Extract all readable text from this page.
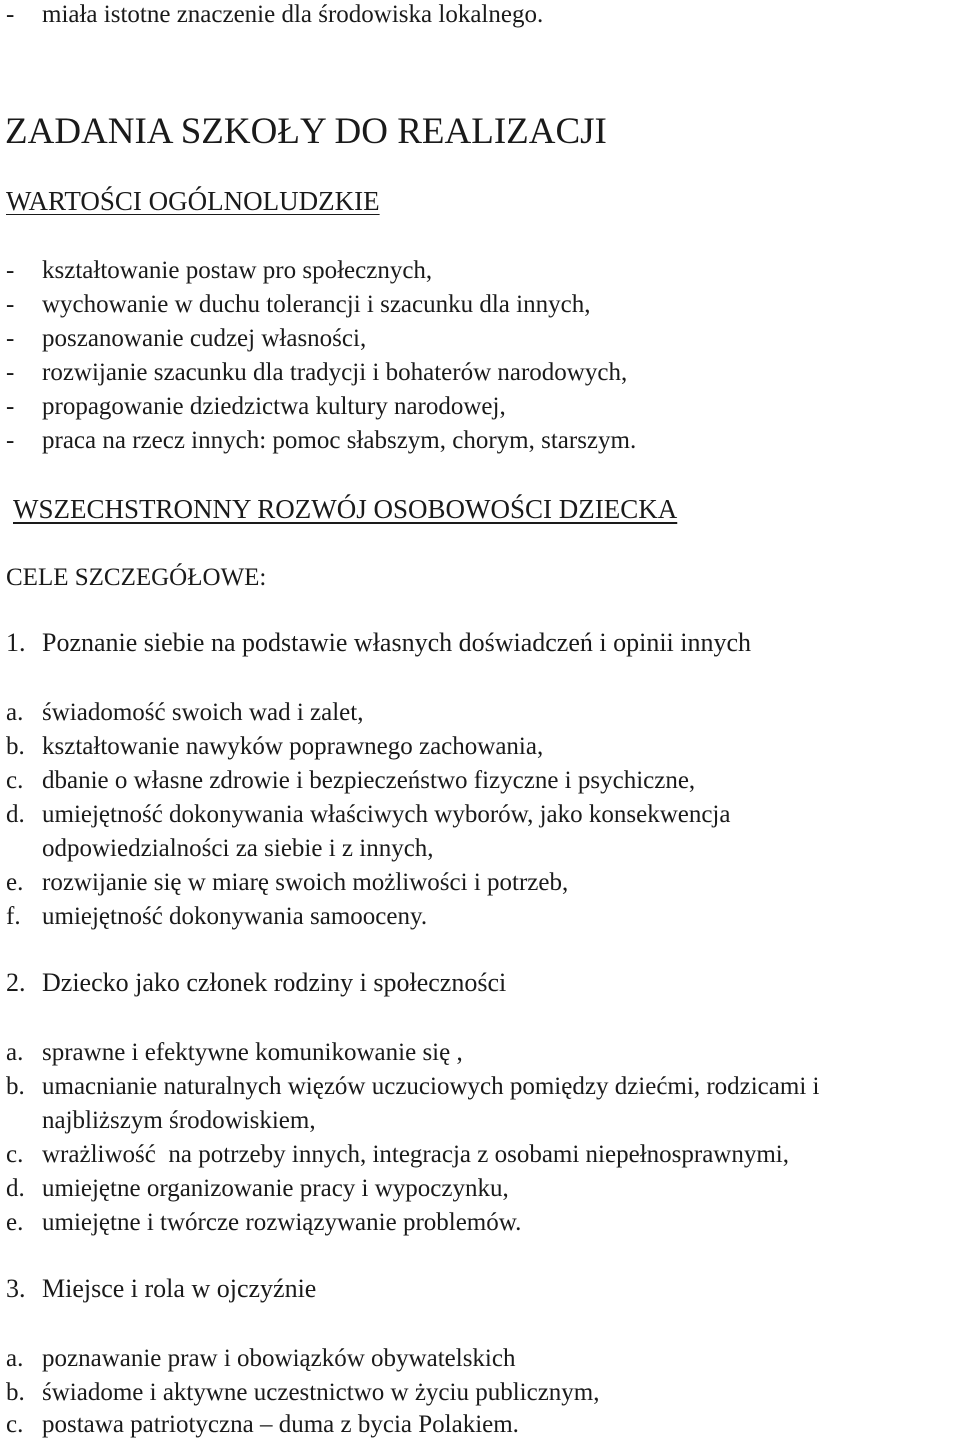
- miała istotne znaczenie dla środowiska lokalnego.
ZADANIA SZKOŁY DO REALIZACJI
WARTOŚCI OGÓLNOLUDZKIE
- kształtowanie postaw pro społecznych,
- wychowanie w duchu tolerancji i szacunku dla innych,
- poszanowanie cudzej własności,
- rozwijanie szacunku dla tradycji i bohaterów narodowych,
- propagowanie dziedzictwa kultury narodowej,
- praca na rzecz innych: pomoc słabszym, chorym, starszym.
WSZECHSTRONNY ROZWÓJ OSOBOWOŚCI DZIECKA
CELE SZCZEGÓŁOWE:
1. Poznanie siebie na podstawie własnych doświadczeń i opinii innych
a. świadomość swoich wad i zalet,
b. kształtowanie nawyków poprawnego zachowania,
c. dbanie o własne zdrowie i bezpieczeństwo fizyczne i psychiczne,
d. umiejętność dokonywania właściwych wyborów, jako konsekwencja
odpowiedzialności za siebie i z innych,
e. rozwijanie się w miarę swoich możliwości i potrzeb,
f. umiejętność dokonywania samooceny.
2. Dziecko jako członek rodziny i społeczności
a. sprawne i efektywne komunikowanie się ,
b. umacnianie naturalnych więzów uczuciowych pomiędzy dziećmi, rodzicami i
najbliższym środowiskiem,
c. wrażliwość  na potrzeby innych, integracja z osobami niepełnosprawnymi,
d. umiejętne organizowanie pracy i wypoczynku,
e. umiejętne i twórcze rozwiązywanie problemów.
3. Miejsce i rola w ojczyźnie
a. poznawanie praw i obowiązków obywatelskich
b. świadome i aktywne uczestnictwo w życiu publicznym,
c. postawa patriotyczna – duma z bycia Polakiem.
